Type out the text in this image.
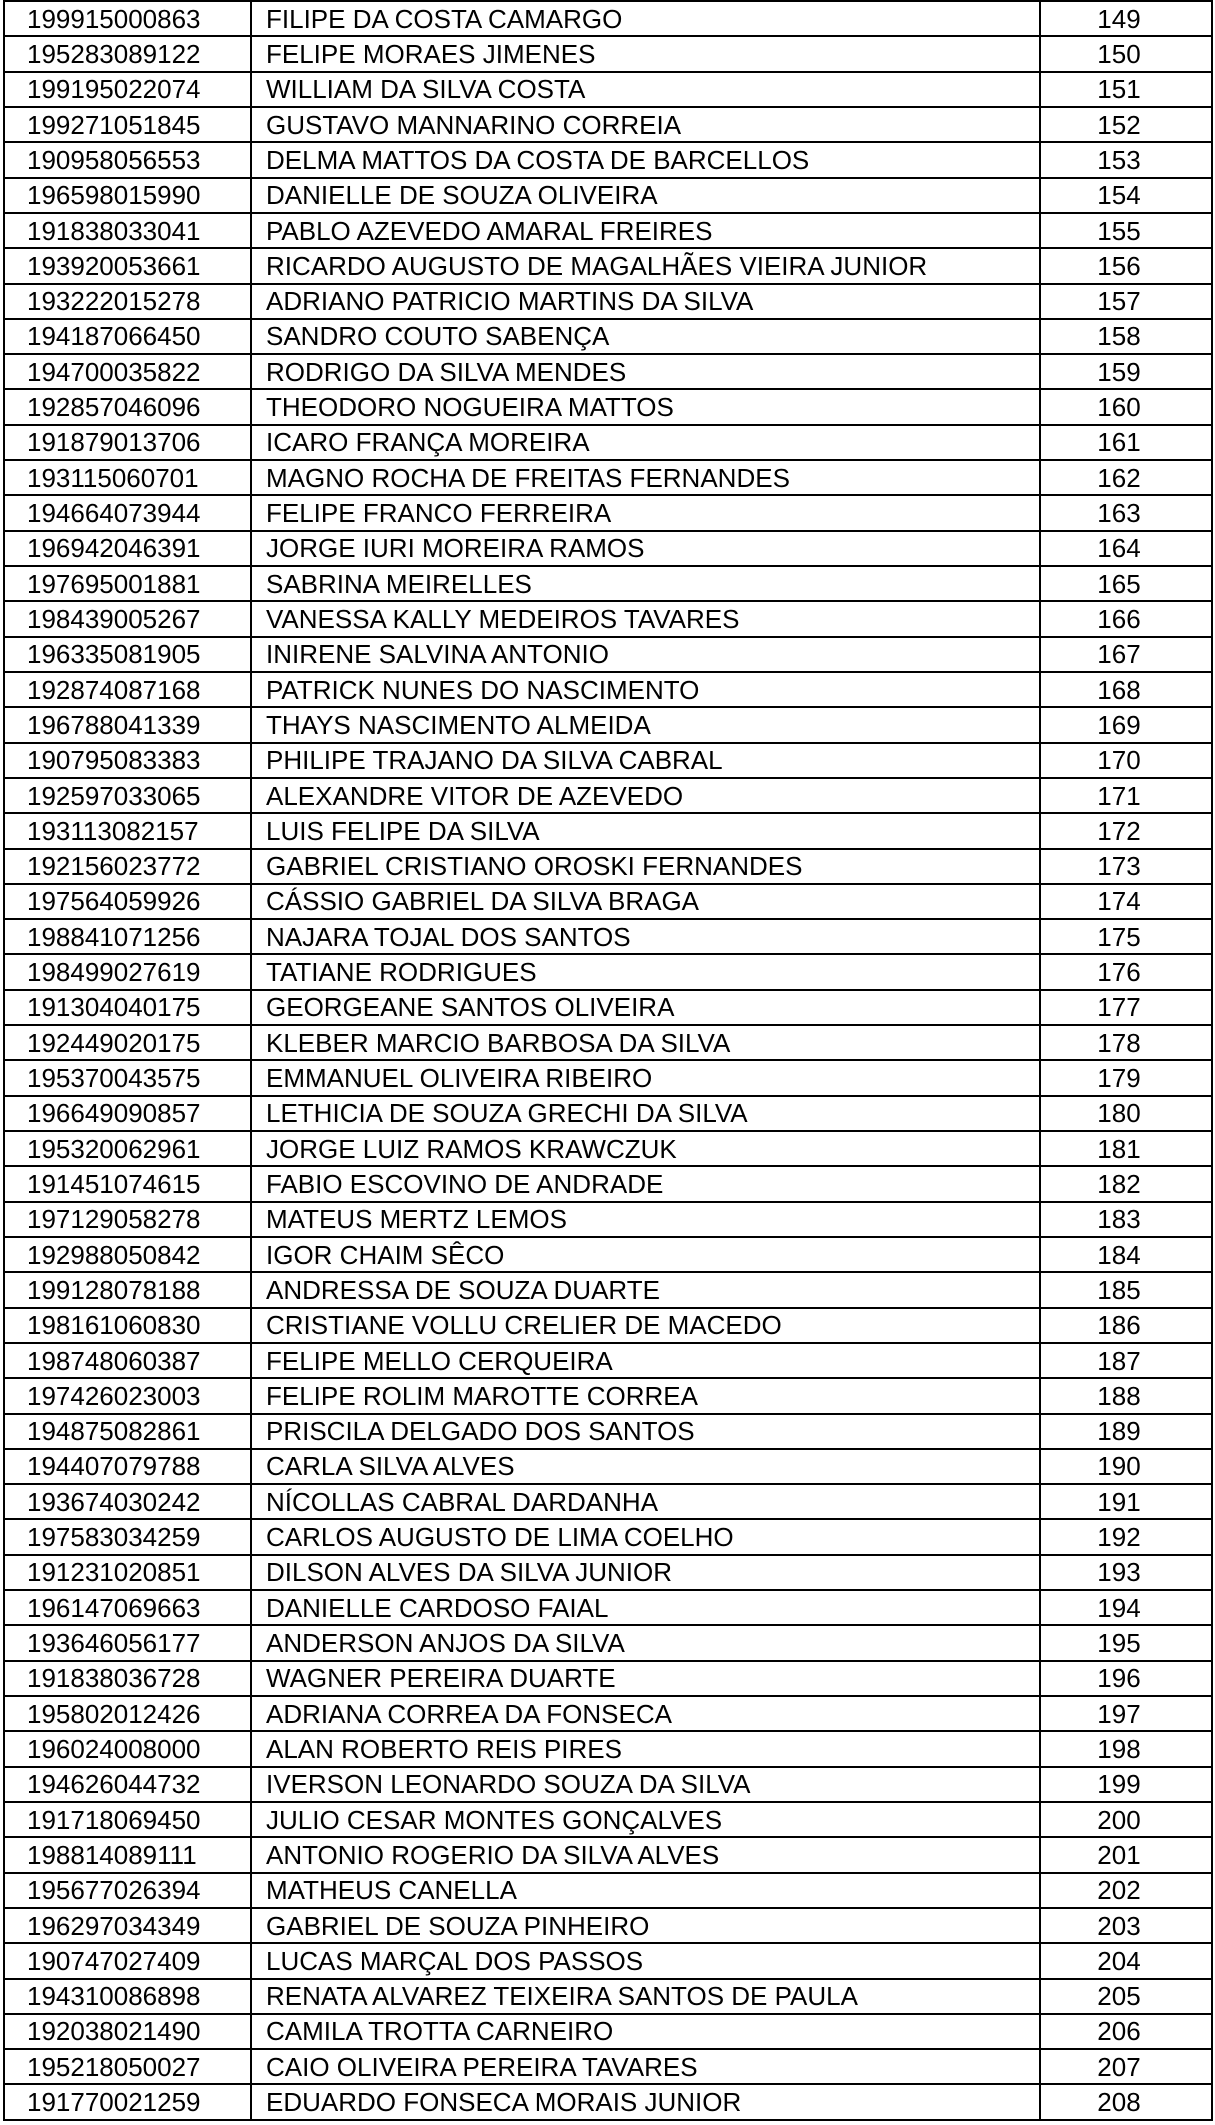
199915000863	FILIPE DA COSTA CAMARGO	149
195283089122	FELIPE MORAES JIMENES	150
199195022074	WILLIAM DA SILVA COSTA	151
199271051845	GUSTAVO MANNARINO CORREIA	152
190958056553	DELMA MATTOS DA COSTA DE BARCELLOS	153
196598015990	DANIELLE DE SOUZA OLIVEIRA	154
191838033041	PABLO AZEVEDO AMARAL FREIRES	155
193920053661	RICARDO AUGUSTO DE MAGALHÃES VIEIRA JUNIOR	156
193222015278	ADRIANO PATRICIO MARTINS DA SILVA	157
194187066450	SANDRO COUTO SABENÇA	158
194700035822	RODRIGO DA SILVA MENDES	159
192857046096	THEODORO NOGUEIRA MATTOS	160
191879013706	ICARO FRANÇA MOREIRA	161
193115060701	MAGNO ROCHA DE FREITAS FERNANDES	162
194664073944	FELIPE FRANCO FERREIRA	163
196942046391	JORGE IURI MOREIRA RAMOS	164
197695001881	SABRINA MEIRELLES	165
198439005267	VANESSA KALLY MEDEIROS TAVARES	166
196335081905	INIRENE SALVINA ANTONIO	167
192874087168	PATRICK NUNES DO NASCIMENTO	168
196788041339	THAYS NASCIMENTO ALMEIDA	169
190795083383	PHILIPE TRAJANO DA SILVA CABRAL	170
192597033065	ALEXANDRE VITOR DE AZEVEDO	171
193113082157	LUIS FELIPE DA SILVA	172
192156023772	GABRIEL CRISTIANO OROSKI FERNANDES	173
197564059926	CÁSSIO GABRIEL DA SILVA BRAGA	174
198841071256	NAJARA TOJAL DOS SANTOS	175
198499027619	TATIANE RODRIGUES	176
191304040175	GEORGEANE SANTOS OLIVEIRA	177
192449020175	KLEBER MARCIO BARBOSA DA SILVA	178
195370043575	EMMANUEL OLIVEIRA RIBEIRO	179
196649090857	LETHICIA DE SOUZA GRECHI DA SILVA	180
195320062961	JORGE LUIZ RAMOS KRAWCZUK	181
191451074615	FABIO ESCOVINO DE ANDRADE	182
197129058278	MATEUS MERTZ LEMOS	183
192988050842	IGOR CHAIM SÊCO	184
199128078188	ANDRESSA DE SOUZA DUARTE	185
198161060830	CRISTIANE VOLLU CRELIER DE MACEDO	186
198748060387	FELIPE MELLO CERQUEIRA	187
197426023003	FELIPE ROLIM MAROTTE CORREA	188
194875082861	PRISCILA DELGADO DOS SANTOS	189
194407079788	CARLA SILVA ALVES	190
193674030242	NÍCOLLAS CABRAL DARDANHA	191
197583034259	CARLOS AUGUSTO DE LIMA COELHO	192
191231020851	DILSON ALVES DA SILVA JUNIOR	193
196147069663	DANIELLE CARDOSO FAIAL	194
193646056177	ANDERSON ANJOS DA SILVA	195
191838036728	WAGNER PEREIRA DUARTE	196
195802012426	ADRIANA CORREA DA FONSECA	197
196024008000	ALAN ROBERTO REIS PIRES	198
194626044732	IVERSON LEONARDO SOUZA DA SILVA	199
191718069450	JULIO CESAR MONTES GONÇALVES	200
198814089111	ANTONIO ROGERIO DA SILVA ALVES	201
195677026394	MATHEUS CANELLA	202
196297034349	GABRIEL DE SOUZA PINHEIRO	203
190747027409	LUCAS MARÇAL DOS PASSOS	204
194310086898	RENATA ALVAREZ TEIXEIRA SANTOS DE PAULA	205
192038021490	CAMILA TROTTA CARNEIRO	206
195218050027	CAIO OLIVEIRA PEREIRA TAVARES	207
191770021259	EDUARDO FONSECA MORAIS JUNIOR	208
